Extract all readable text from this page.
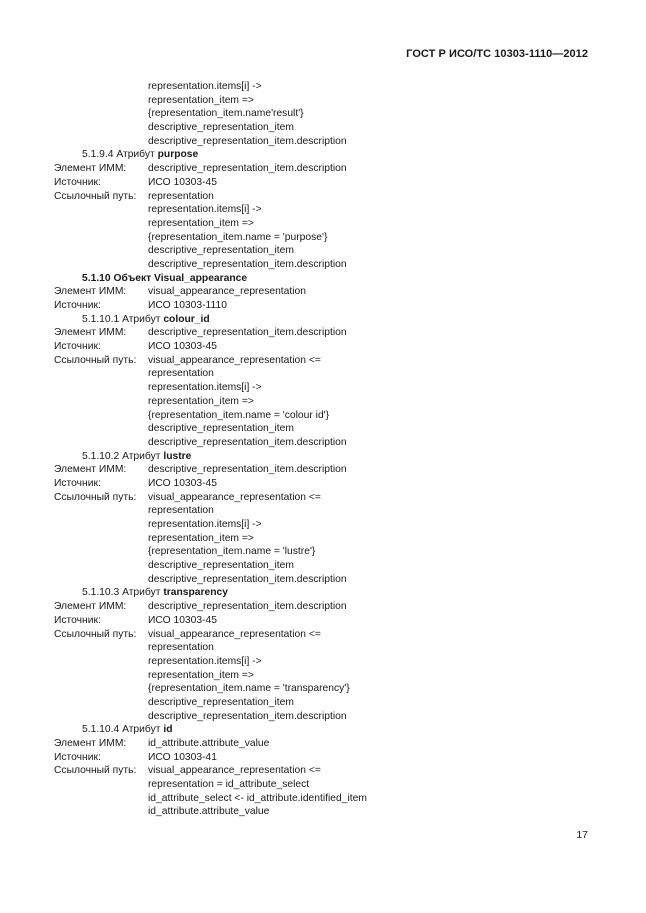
ГОСТ Р ИСО/ТС 10303-1110—2012
representation.items[i] ->
representation_item =>
{representation_item.name'result'}
descriptive_representation_item
descriptive_representation_item.description
5.1.9.4 Атрибут purpose
Элемент ИММ:	descriptive_representation_item.description
Источник:	ИСО 10303-45
Ссылочный путь:	representation
representation.items[i] ->
representation_item =>
{representation_item.name = 'purpose'}
descriptive_representation_item
descriptive_representation_item.description
5.1.10 Объект Visual_appearance
Элемент ИММ:	visual_appearance_representation
Источник:	ИСО 10303-1110
5.1.10.1 Атрибут colour_id
Элемент ИММ:	descriptive_representation_item.description
Источник:	ИСО 10303-45
Ссылочный путь:	visual_appearance_representation <=
representation
representation.items[i] ->
representation_item =>
{representation_item.name = 'colour id'}
descriptive_representation_item
descriptive_representation_item.description
5.1.10.2 Атрибут lustre
Элемент ИММ:	descriptive_representation_item.description
Источник:	ИСО 10303-45
Ссылочный путь:	visual_appearance_representation <=
representation
representation.items[i] ->
representation_item =>
{representation_item.name = 'lustre'}
descriptive_representation_item
descriptive_representation_item.description
5.1.10.3 Атрибут transparency
Элемент ИММ:	descriptive_representation_item.description
Источник:	ИСО 10303-45
Ссылочный путь:	visual_appearance_representation <=
representation
representation.items[i] ->
representation_item =>
{representation_item.name = 'transparency'}
descriptive_representation_item
descriptive_representation_item.description
5.1.10.4 Атрибут id
Элемент ИММ:	id_attribute.attribute_value
Источник:	ИСО 10303-41
Ссылочный путь:	visual_appearance_representation <=
representation = id_attribute_select
id_attribute_select <- id_attribute.identified_item
id_attribute.attribute_value
17
